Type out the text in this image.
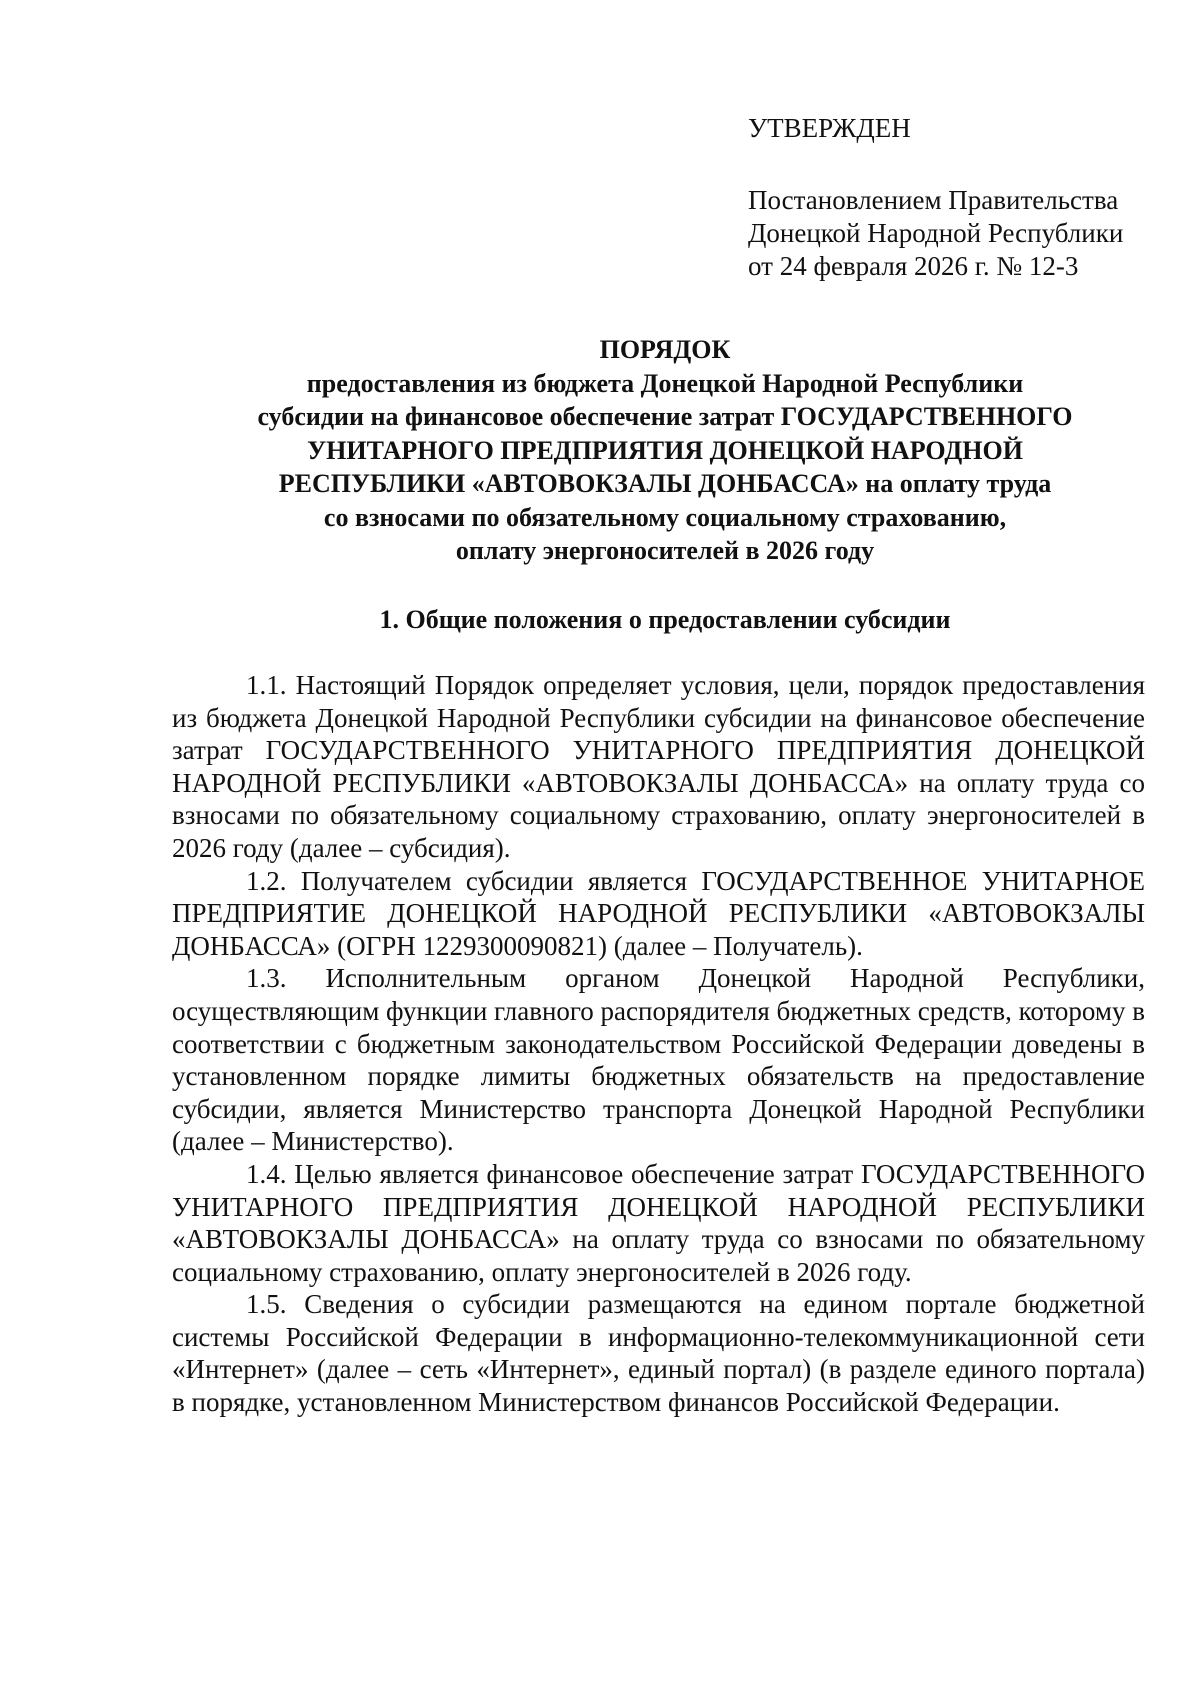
УТВЕРЖДЕН
Постановлением Правительства
Донецкой Народной Республики
от 24 февраля 2026 г. № 12-3
ПОРЯДОК
предоставления из бюджета Донецкой Народной Республики
субсидии на финансовое обеспечение затрат ГОСУДАРСТВЕННОГО
УНИТАРНОГО ПРЕДПРИЯТИЯ ДОНЕЦКОЙ НАРОДНОЙ
РЕСПУБЛИКИ «АВТОВОКЗАЛЫ ДОНБАССА» на оплату труда
со взносами по обязательному социальному страхованию,
оплату энергоносителей в 2026 году
1. Общие положения о предоставлении субсидии

1.1. Настоящий Порядок определяет условия, цели, порядок предоставления из бюджета Донецкой Народной Республики субсидии на финансовое обеспечение затрат ГОСУДАРСТВЕННОГО УНИТАРНОГО ПРЕДПРИЯТИЯ ДОНЕЦКОЙ НАРОДНОЙ РЕСПУБЛИКИ «АВТОВОКЗАЛЫ ДОНБАССА» на оплату труда со взносами по обязательному социальному страхованию, оплату энергоносителей в 2026 году (далее – субсидия).

1.2. Получателем субсидии является ГОСУДАРСТВЕННОЕ УНИТАРНОЕ ПРЕДПРИЯТИЕ ДОНЕЦКОЙ НАРОДНОЙ РЕСПУБЛИКИ «АВТОВОКЗАЛЫ ДОНБАССА» (ОГРН 1229300090821) (далее – Получатель).

1.3. Исполнительным органом Донецкой Народной Республики, осуществляющим функции главного распорядителя бюджетных средств, которому в соответствии с бюджетным законодательством Российской Федерации доведены в установленном порядке лимиты бюджетных обязательств на предоставление субсидии, является Министерство транспорта Донецкой Народной Республики (далее – Министерство).

1.4. Целью является финансовое обеспечение затрат ГОСУДАРСТВЕННОГО УНИТАРНОГО ПРЕДПРИЯТИЯ ДОНЕЦКОЙ НАРОДНОЙ РЕСПУБЛИКИ «АВТОВОКЗАЛЫ ДОНБАССА» на оплату труда со взносами по обязательному социальному страхованию, оплату энергоносителей в 2026 году.

1.5. Сведения о субсидии размещаются на едином портале бюджетной системы Российской Федерации в информационно-телекоммуникационной сети «Интернет» (далее – сеть «Интернет», единый портал) (в разделе единого портала) в порядке, установленном Министерством финансов Российской Федерации.
